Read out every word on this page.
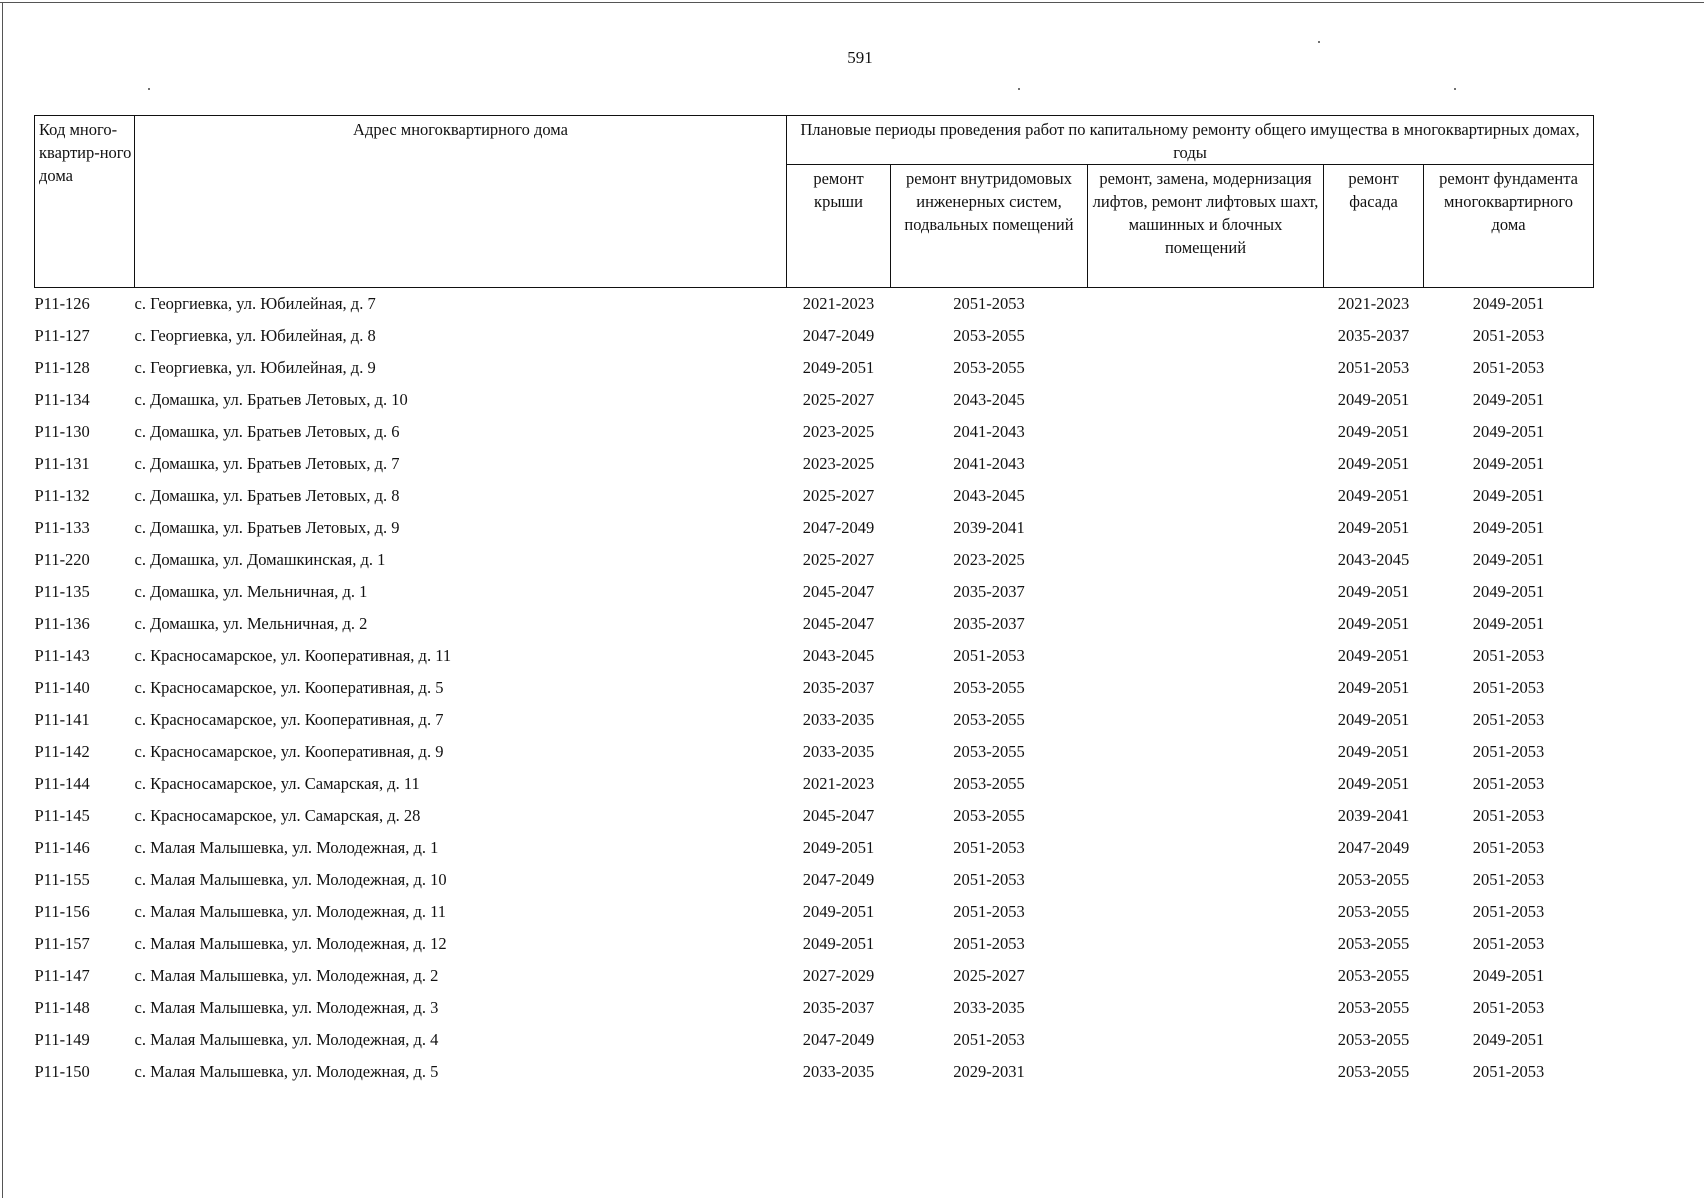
591
Код много-квартир-ного дома	Адрес многоквартирного дома	Плановые периоды проведения работ по капитальному ремонту общего имущества в многоквартирных домах, годы				
		ремонт крыши	ремонт внутридомовых инженерных систем, подвальных помещений	ремонт, замена, модернизация лифтов, ремонт лифтовых шахт, машинных и блочных помещений	ремонт фасада	ремонт фундамента многоквартирного дома
Р11-126	с. Георгиевка, ул. Юбилейная, д. 7	2021-2023	2051-2053		2021-2023	2049-2051
Р11-127	с. Георгиевка, ул. Юбилейная, д. 8	2047-2049	2053-2055		2035-2037	2051-2053
Р11-128	с. Георгиевка, ул. Юбилейная, д. 9	2049-2051	2053-2055		2051-2053	2051-2053
Р11-134	с. Домашка, ул. Братьев Летовых, д. 10	2025-2027	2043-2045		2049-2051	2049-2051
Р11-130	с. Домашка, ул. Братьев Летовых, д. 6	2023-2025	2041-2043		2049-2051	2049-2051
Р11-131	с. Домашка, ул. Братьев Летовых, д. 7	2023-2025	2041-2043		2049-2051	2049-2051
Р11-132	с. Домашка, ул. Братьев Летовых, д. 8	2025-2027	2043-2045		2049-2051	2049-2051
Р11-133	с. Домашка, ул. Братьев Летовых, д. 9	2047-2049	2039-2041		2049-2051	2049-2051
Р11-220	с. Домашка, ул. Домашкинская, д. 1	2025-2027	2023-2025		2043-2045	2049-2051
Р11-135	с. Домашка, ул. Мельничная, д. 1	2045-2047	2035-2037		2049-2051	2049-2051
Р11-136	с. Домашка, ул. Мельничная, д. 2	2045-2047	2035-2037		2049-2051	2049-2051
Р11-143	с. Красносамарское, ул. Кооперативная, д. 11	2043-2045	2051-2053		2049-2051	2051-2053
Р11-140	с. Красносамарское, ул. Кооперативная, д. 5	2035-2037	2053-2055		2049-2051	2051-2053
Р11-141	с. Красносамарское, ул. Кооперативная, д. 7	2033-2035	2053-2055		2049-2051	2051-2053
Р11-142	с. Красносамарское, ул. Кооперативная, д. 9	2033-2035	2053-2055		2049-2051	2051-2053
Р11-144	с. Красносамарское, ул. Самарская, д. 11	2021-2023	2053-2055		2049-2051	2051-2053
Р11-145	с. Красносамарское, ул. Самарская, д. 28	2045-2047	2053-2055		2039-2041	2051-2053
Р11-146	с. Малая Малышевка, ул. Молодежная, д. 1	2049-2051	2051-2053		2047-2049	2051-2053
Р11-155	с. Малая Малышевка, ул. Молодежная, д. 10	2047-2049	2051-2053		2053-2055	2051-2053
Р11-156	с. Малая Малышевка, ул. Молодежная, д. 11	2049-2051	2051-2053		2053-2055	2051-2053
Р11-157	с. Малая Малышевка, ул. Молодежная, д. 12	2049-2051	2051-2053		2053-2055	2051-2053
Р11-147	с. Малая Малышевка, ул. Молодежная, д. 2	2027-2029	2025-2027		2053-2055	2049-2051
Р11-148	с. Малая Малышевка, ул. Молодежная, д. 3	2035-2037	2033-2035		2053-2055	2051-2053
Р11-149	с. Малая Малышевка, ул. Молодежная, д. 4	2047-2049	2051-2053		2053-2055	2049-2051
Р11-150	с. Малая Малышевка, ул. Молодежная, д. 5	2033-2035	2029-2031		2053-2055	2051-2053
